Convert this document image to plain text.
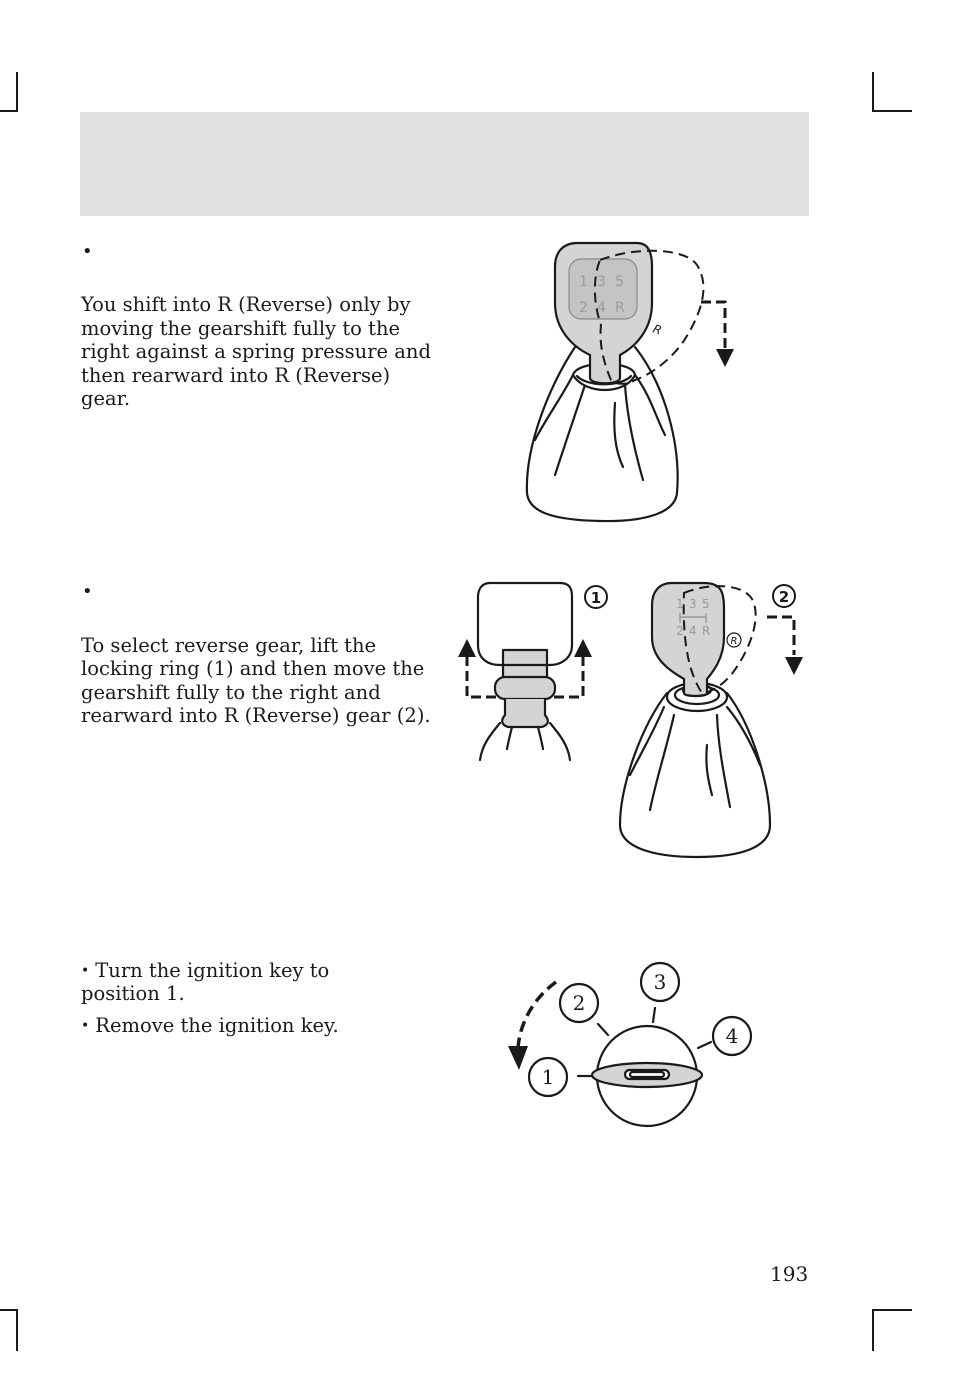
•

You shift into R (Reverse) only by

moving the gearshift fully to the

right against a spring pressure and

then rearward into R (Reverse)

gear.

1 3 5
2 4 R
R
•

To select reverse gear, lift the

locking ring (1) and then move the

gearshift fully to the right and

rearward into R (Reverse) gear (2).

1	1 3 5
2 4 R
R
2

• Turn the ignition key to

position 1.

• Remove the ignition key.

1
2
3
4
193
